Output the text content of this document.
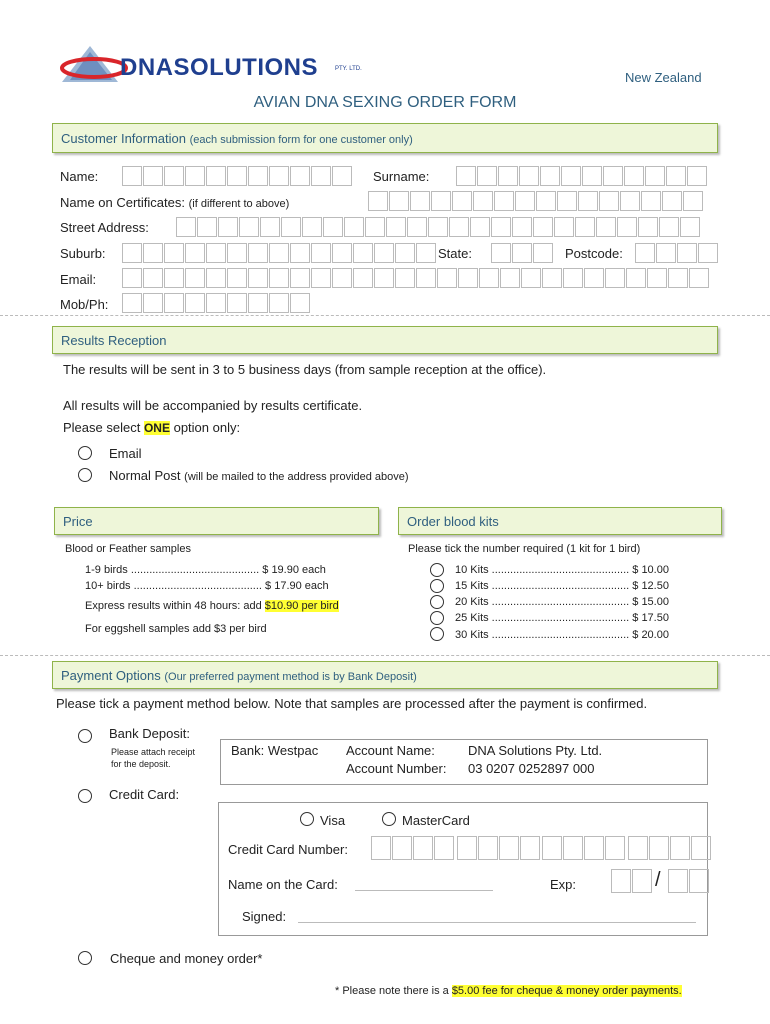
DNASOLUTIONS	PTY. LTD.
New Zealand
AVIAN DNA SEXING ORDER FORM
Customer Information (each submission form for one customer only)
Name:	Surname:
Name on Certificates: (if different to above)
Street Address:
Suburb:	State:	Postcode:
Email:
Mob/Ph:
Results Reception
The results will be sent in 3 to 5 business days (from sample reception at the office).
All results will be accompanied by results certificate.
Please select ONE option only:
Email
Normal Post (will be mailed to the address provided above)
Price	Order blood kits
Blood or Feather samples
1-9 birds .......................................... $ 19.90 each
10+ birds .......................................... $ 17.90 each
Express results within 48 hours: add $10.90 per bird
For eggshell samples add $3 per bird
Please tick the number required (1 kit for 1 bird)
10 Kits ............................................. $ 10.00
15 Kits ............................................. $ 12.50
20 Kits ............................................. $ 15.00
25 Kits ............................................. $ 17.50
30 Kits ............................................. $ 20.00
Payment Options (Our preferred payment method is by Bank Deposit)
Please tick a payment method below. Note that samples are processed after the payment is confirmed.
Bank Deposit:
Please attach receipt
for the deposit.
Bank: Westpac Account Name:	DNA Solutions Pty. Ltd.
Account Number: 03 0207 0252897 000
Credit Card:
Visa	MasterCard
Credit Card Number:
Name on the Card:	Exp:	/
Signed:
Cheque and money order*
* Please note there is a $5.00 fee for cheque & money order payments.
